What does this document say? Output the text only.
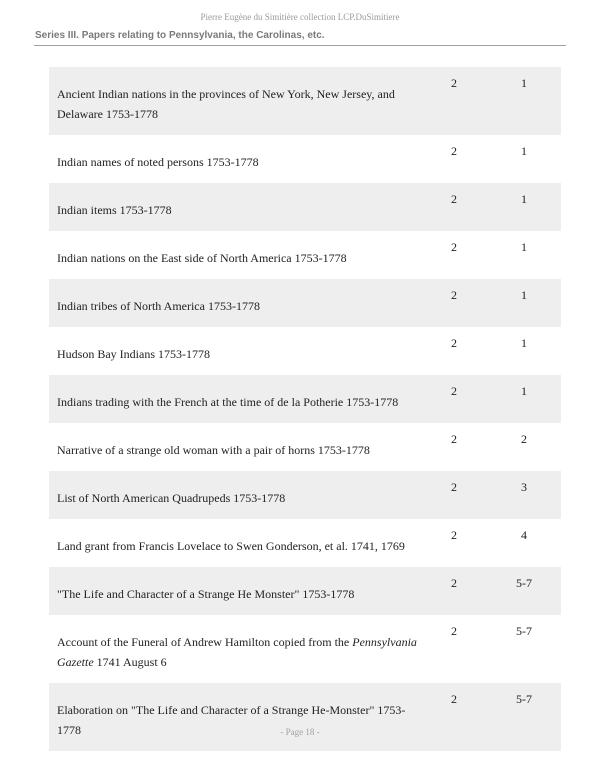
Pierre Eugène du Simitière collection LCP.DuSimitiere
Series III. Papers relating to Pennsylvania, the Carolinas, etc.
Ancient Indian nations in the provinces of New York, New Jersey, and Delaware 1753-1778
2	1
Indian names of noted persons 1753-1778
2	1
Indian items 1753-1778
2	1
Indian nations on the East side of North America 1753-1778
2	1
Indian tribes of North America 1753-1778
2	1
Hudson Bay Indians 1753-1778
2	1
Indians trading with the French at the time of de la Potherie 1753-1778
2	1
Narrative of a strange old woman with a pair of horns 1753-1778
2	2
List of North American Quadrupeds 1753-1778
2	3
Land grant from Francis Lovelace to Swen Gonderson, et al. 1741, 1769
2	4
"The Life and Character of a Strange He Monster" 1753-1778
2	5-7
Account of the Funeral of Andrew Hamilton copied from the Pennsylvania Gazette 1741 August 6
2	5-7
Elaboration on "The Life and Character of a Strange He-Monster" 1753-1778
2	5-7
- Page 18 -
